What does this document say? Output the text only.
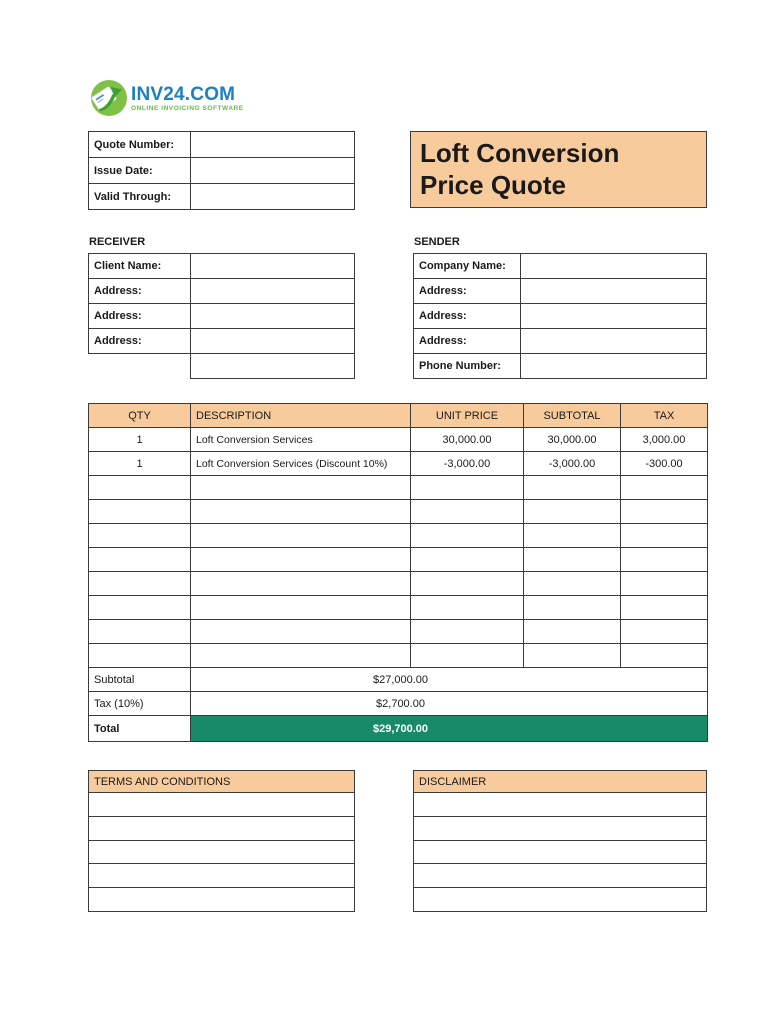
INV24.COM
ONLINE INVOICING SOFTWARE
Quote Number:	
Issue Date:	
Valid Through:	
Loft Conversion
Price Quote
RECEIVER
Client Name:	
Address:	
Address:	
Address:	

SENDER
Company Name:	
Address:	
Address:	
Address:	
Phone Number:	
QTY	DESCRIPTION	UNIT PRICE	SUBTOTAL	TAX
1	Loft Conversion Services	30,000.00	30,000.00	3,000.00
1	Loft Conversion Services (Discount 10%)	-3,000.00	-3,000.00	-300.00

Subtotal	$27,000.00			
Tax (10%)	$2,700.00			
Total	$29,700.00			
TERMS AND CONDITIONS	DISCLAIMER
